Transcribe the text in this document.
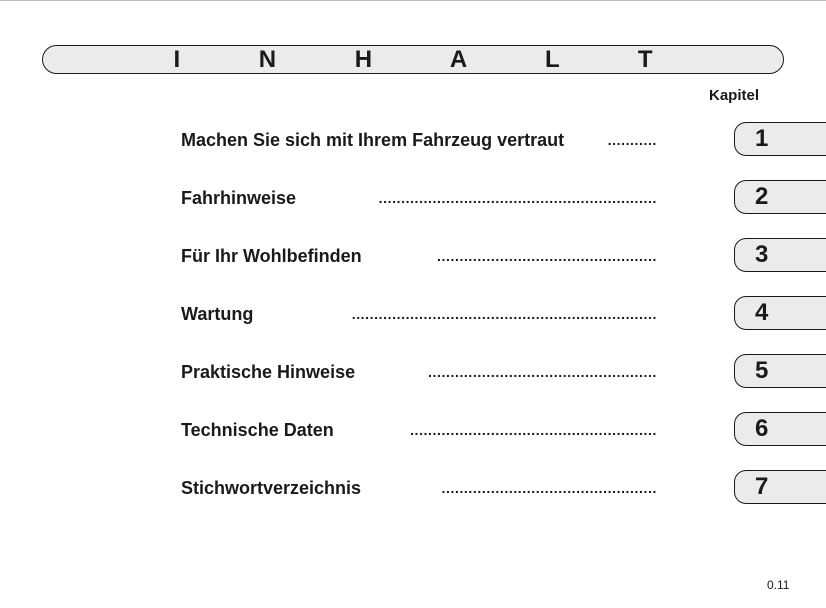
I N H A L T
Kapitel
Machen Sie sich mit Ihrem Fahrzeug vertraut	...........	1
Fahrhinweise	..............................................................	2
Für Ihr Wohlbefinden	.................................................	3
Wartung	....................................................................	4
Praktische Hinweise	...................................................	5
Technische Daten	.......................................................	6
Stichwortverzeichnis	................................................	7
0.11
